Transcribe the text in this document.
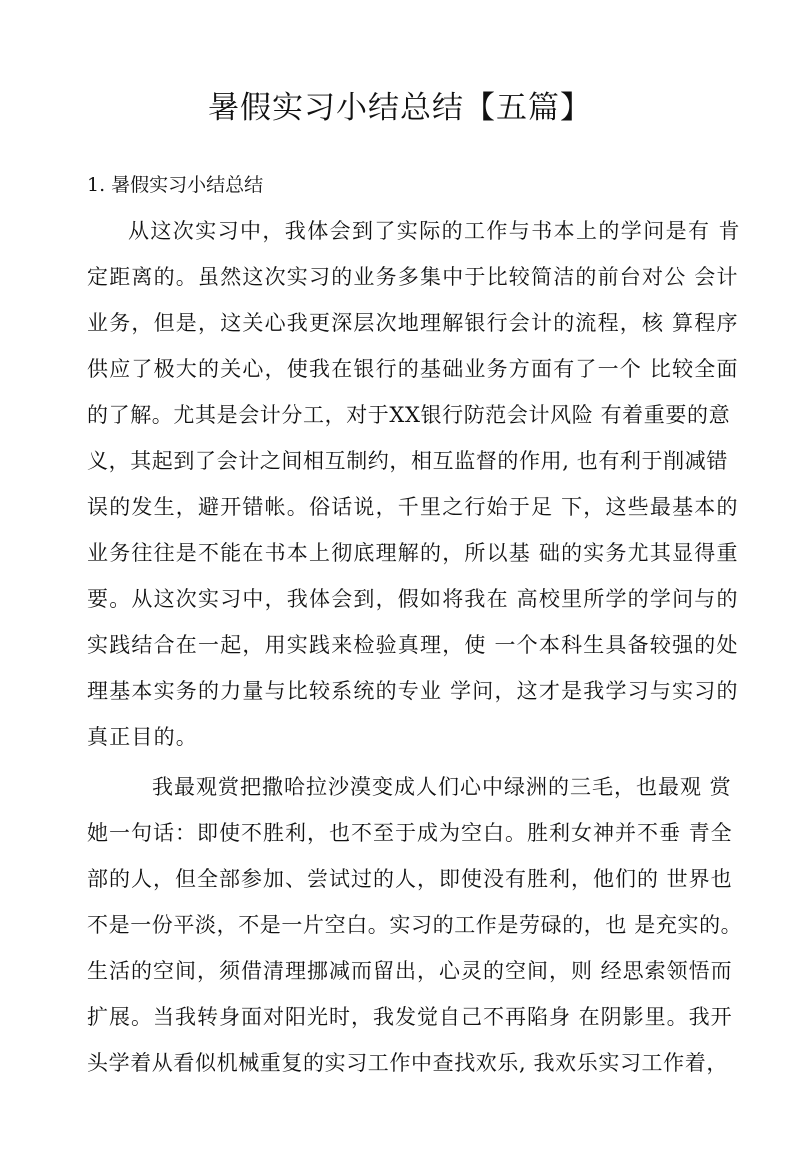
暑假实习小结总结【五篇】
1. 暑假实习小结总结
从这次实习中，我体会到了实际的工作与书本上的学问是有 肯
定距离的。虽然这次实习的业务多集中于比较简洁的前台对公 会计
业务，但是，这关心我更深层次地理解银行会计的流程，核 算程序
供应了极大的关心，使我在银行的基础业务方面有了一个 比较全面
的了解。尤其是会计分工，对于XX银行防范会计风险 有着重要的意
义，其起到了会计之间相互制约，相互监督的作用, 也有利于削减错
误的发生，避开错帐。俗话说，千里之行始于足 下，这些最基本的
业务往往是不能在书本上彻底理解的，所以基 础的实务尤其显得重
要。从这次实习中，我体会到，假如将我在 高校里所学的学问与的
实践结合在一起，用实践来检验真理，使 一个本科生具备较强的处
理基本实务的力量与比较系统的专业 学问，这才是我学习与实习的
真正目的。
我最观赏把撒哈拉沙漠变成人们心中绿洲的三毛，也最观 赏
她一句话：即使不胜利，也不至于成为空白。胜利女神并不垂 青全
部的人，但全部参加、尝试过的人，即使没有胜利，他们的 世界也
不是一份平淡，不是一片空白。实习的工作是劳碌的，也 是充实的。
生活的空间，须借清理挪减而留出，心灵的空间，则 经思索领悟而
扩展。当我转身面对阳光时，我发觉自己不再陷身 在阴影里。我开
头学着从看似机械重复的实习工作中查找欢乐, 我欢乐实习工作着，
